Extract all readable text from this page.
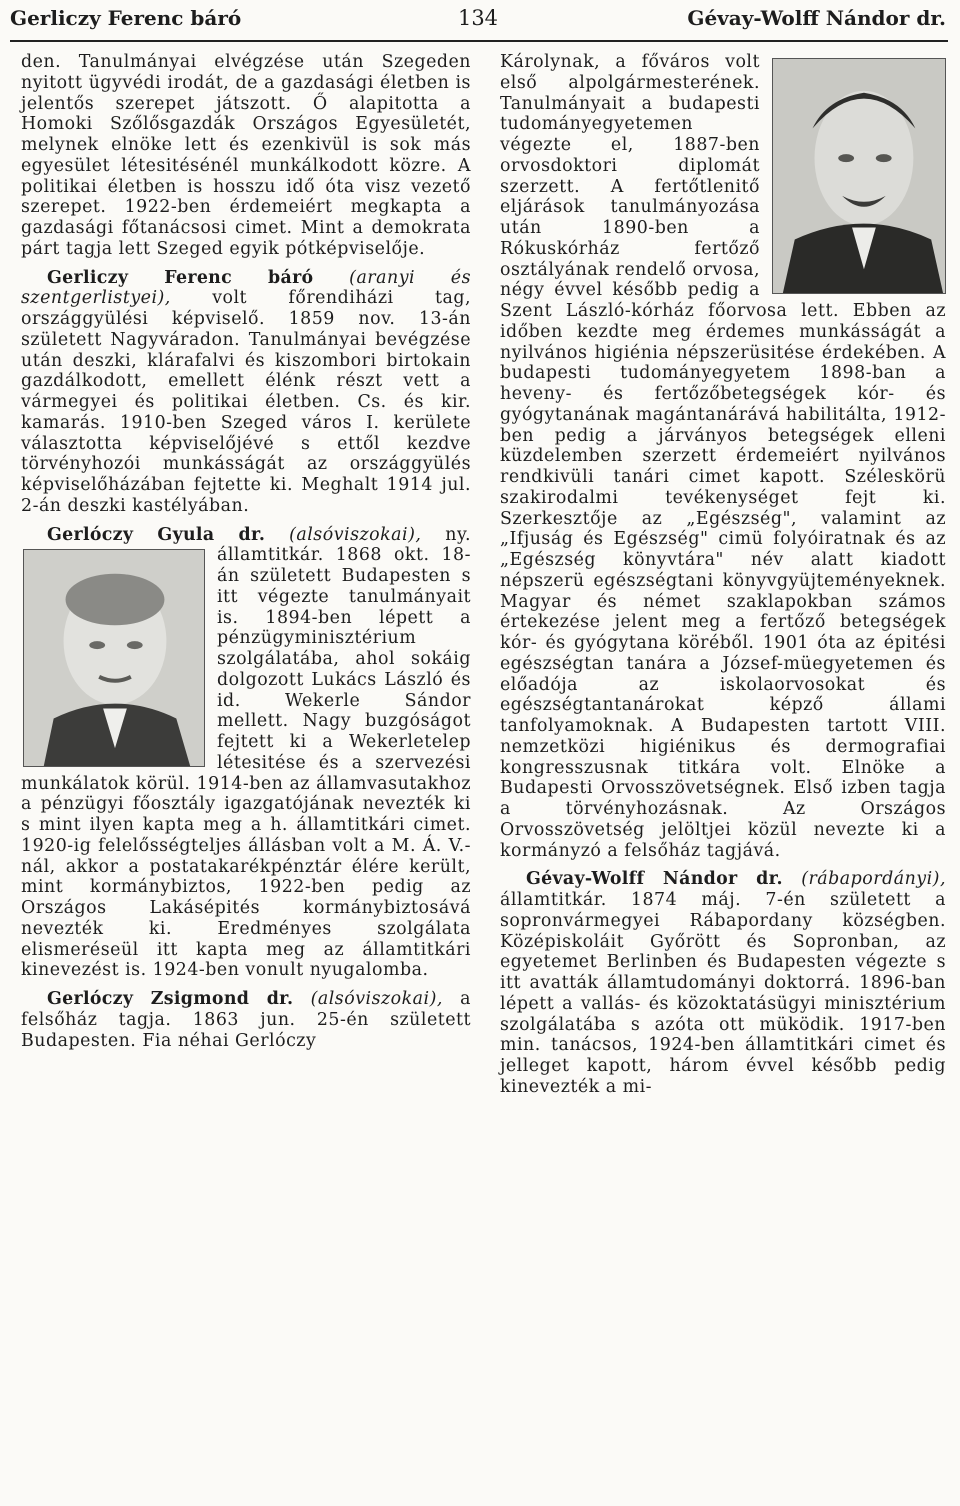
Gerliczy Ferenc báró	134	Gévay-Wolff Nándor dr.

den. Tanulmányai elvégzése után Szegeden nyitott ügyvédi irodát, de a gazdasági életben is jelentős szerepet játszott. Ő alapitotta a Homoki Szőlősgazdák Országos Egyesületét, melynek elnöke lett és ezenkivül is sok más egyesület létesitésénél munkálkodott közre. A politikai életben is hosszu idő óta visz vezető szerepet. 1922-ben érdemeiért megkapta a gazdasági főtanácsosi cimet. Mint a demokrata párt tagja lett Szeged egyik pótképviselője.

Gerliczy Ferenc báró (aranyi és szentgerlistyei), volt főrendiházi tag, országgyülési képviselő. 1859 nov. 13-án született Nagyváradon. Tanulmányai bevégzése után deszki, klárafalvi és kiszombori birtokain gazdálkodott, emellett élénk részt vett a vármegyei és politikai életben. Cs. és kir. kamarás. 1910-ben Szeged város I. kerülete választotta képviselőjévé s ettől kezdve törvényhozói munkásságát az országgyülés képviselőházában fejtette ki. Meghalt 1914 jul. 2-án deszki kastélyában.

Gerlóczy Gyula dr. (alsóviszokai),
ny. államtitkár. 1868 okt. 18-án született Budapesten s itt végezte tanulmányait is. 1894-ben lépett a pénzügyminisztérium szolgálatába, ahol sokáig dolgozott Lukács László és id. Wekerle Sándor mellett. Nagy buzgóságot fejtett ki a Wekerletelep létesitése és a szervezési munkálatok körül. 1914-ben az államvasutakhoz a pénzügyi főosztály igazgatójának nevezték ki s mint ilyen kapta meg a h. államtitkári cimet. 1920-ig felelősségteljes állásban volt a M. Á. V.-nál, akkor a postatakarékpénztár élére került, mint kormánybiztos, 1922-ben pedig az Országos Lakásépités kormánybiztosává nevezték ki. Eredményes szolgálata elismeréseül itt kapta meg az államtitkári kinevezést is. 1924-ben vonult nyugalomba.

Gerlóczy Zsigmond dr. (alsóviszokai), a felsőház tagja. 1863 jun. 25-én született Budapesten. Fia néhai Gerlóczy

Károlynak, a főváros volt első alpolgármesterének. Tanulmányait a budapesti tudományegyetemen végezte el, 1887-ben orvosdoktori diplomát szerzett. A fertőtlenitő eljárások tanulmányozása után 1890-ben a Rókuskórház fertőző osztályának rendelő orvosa, négy évvel később pedig a Szent László-kórház főorvosa lett. Ebben az időben kezdte meg érdemes munkásságát a nyilvános higiénia népszerüsitése érdekében. A budapesti tudományegyetem 1898-ban a heveny- és fertőzőbetegségek kór- és gyógytanának magántanárává habilitálta, 1912-ben pedig a járványos betegségek elleni küzdelemben szerzett érdemeiért nyilvános rendkivüli tanári cimet kapott. Széleskörü szakirodalmi tevékenységet fejt ki. Szerkesztője az „Egészség", valamint az „Ifjuság és Egészség" cimü folyóiratnak és az „Egészség könyvtára" név alatt kiadott népszerü egészségtani könyvgyüjteményeknek. Magyar és német szaklapokban számos értekezése jelent meg a fertőző betegségek kór- és gyógytana köréből. 1901 óta az épitési egészségtan tanára a József-müegyetemen és előadója az iskolaorvosokat és egészségtantanárokat képző állami tanfolyamoknak. A Budapesten tartott VIII. nemzetközi higiénikus és dermografiai kongresszusnak titkára volt. Elnöke a Budapesti Orvosszövetségnek. Első izben tagja a törvényhozásnak. Az Országos Orvosszövetség jelöltjei közül nevezte ki a kormányzó a felsőház tagjává.

Gévay-Wolff Nándor dr. (rábapordányi), államtitkár. 1874 máj. 7-én született a sopronvármegyei Rábapordany községben. Középiskoláit Győrött és Sopronban, az egyetemet Berlinben és Budapesten végezte s itt avatták államtudományi doktorrá. 1896-ban lépett a vallás- és közoktatásügyi minisztérium szolgálatába s azóta ott müködik. 1917-ben min. tanácsos, 1924-ben államtitkári cimet és jelleget kapott, három évvel később pedig kinevezték a mi-
